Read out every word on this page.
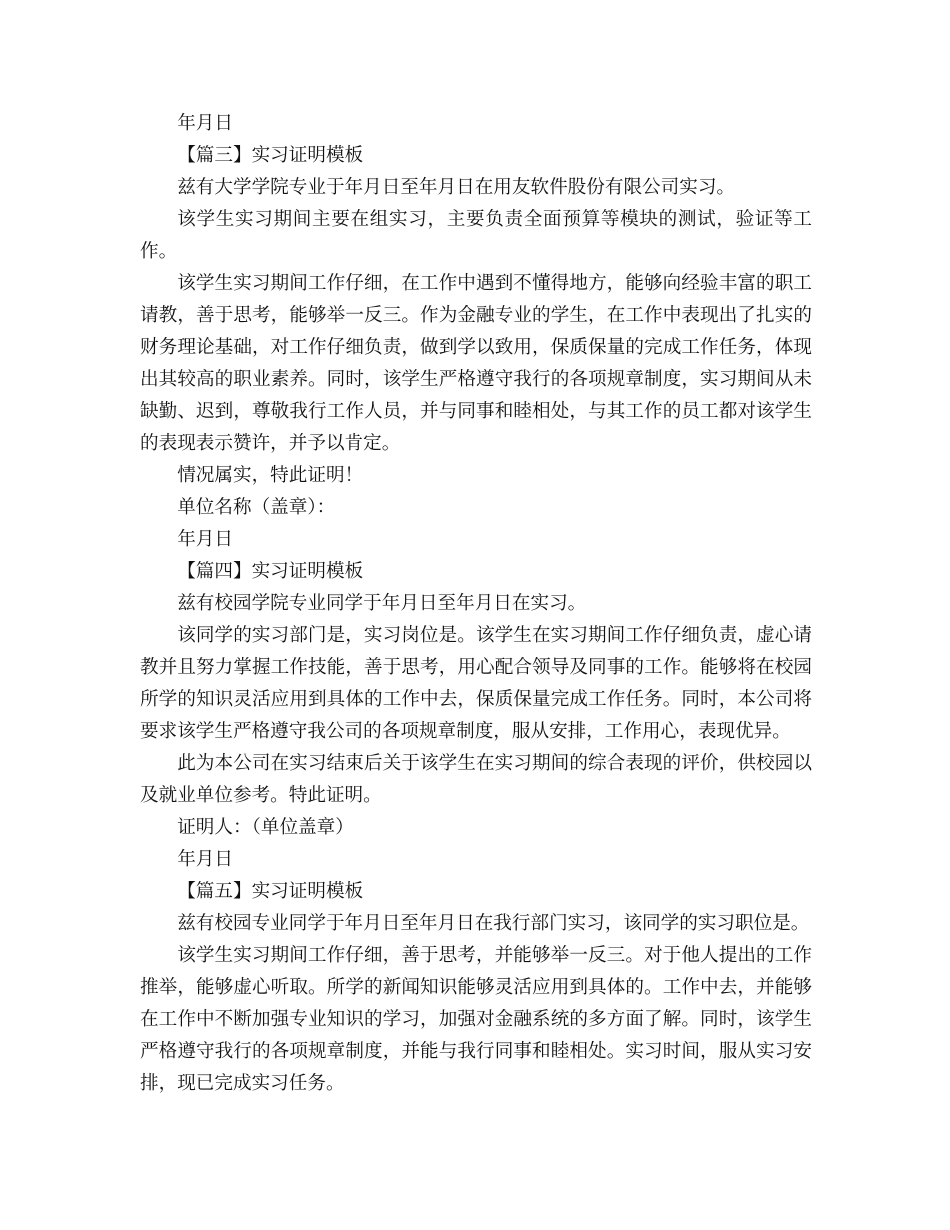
年月日

【篇三】实习证明模板

兹有大学学院专业于年月日至年月日在用友软件股份有限公司实习。

该学生实习期间主要在组实习，主要负责全面预算等模块的测试，验证等工作。

该学生实习期间工作仔细，在工作中遇到不懂得地方，能够向经验丰富的职工请教，善于思考，能够举一反三。作为金融专业的学生，在工作中表现出了扎实的财务理论基础，对工作仔细负责，做到学以致用，保质保量的完成工作任务，体现出其较高的职业素养。同时，该学生严格遵守我行的各项规章制度，实习期间从未缺勤、迟到，尊敬我行工作人员，并与同事和睦相处，与其工作的员工都对该学生的表现表示赞许，并予以肯定。

情况属实，特此证明！

单位名称（盖章）：

年月日

【篇四】实习证明模板

兹有校园学院专业同学于年月日至年月日在实习。

该同学的实习部门是，实习岗位是。该学生在实习期间工作仔细负责，虚心请教并且努力掌握工作技能，善于思考，用心配合领导及同事的工作。能够将在校园所学的知识灵活应用到具体的工作中去，保质保量完成工作任务。同时，本公司将要求该学生严格遵守我公司的各项规章制度，服从安排，工作用心，表现优异。

此为本公司在实习结束后关于该学生在实习期间的综合表现的评价，供校园以及就业单位参考。特此证明。

证明人：（单位盖章）

年月日

【篇五】实习证明模板

兹有校园专业同学于年月日至年月日在我行部门实习，该同学的实习职位是。

该学生实习期间工作仔细，善于思考，并能够举一反三。对于他人提出的工作推举，能够虚心听取。所学的新闻知识能够灵活应用到具体的。工作中去，并能够在工作中不断加强专业知识的学习，加强对金融系统的多方面了解。同时，该学生严格遵守我行的各项规章制度，并能与我行同事和睦相处。实习时间，服从实习安排，现已完成实习任务。
